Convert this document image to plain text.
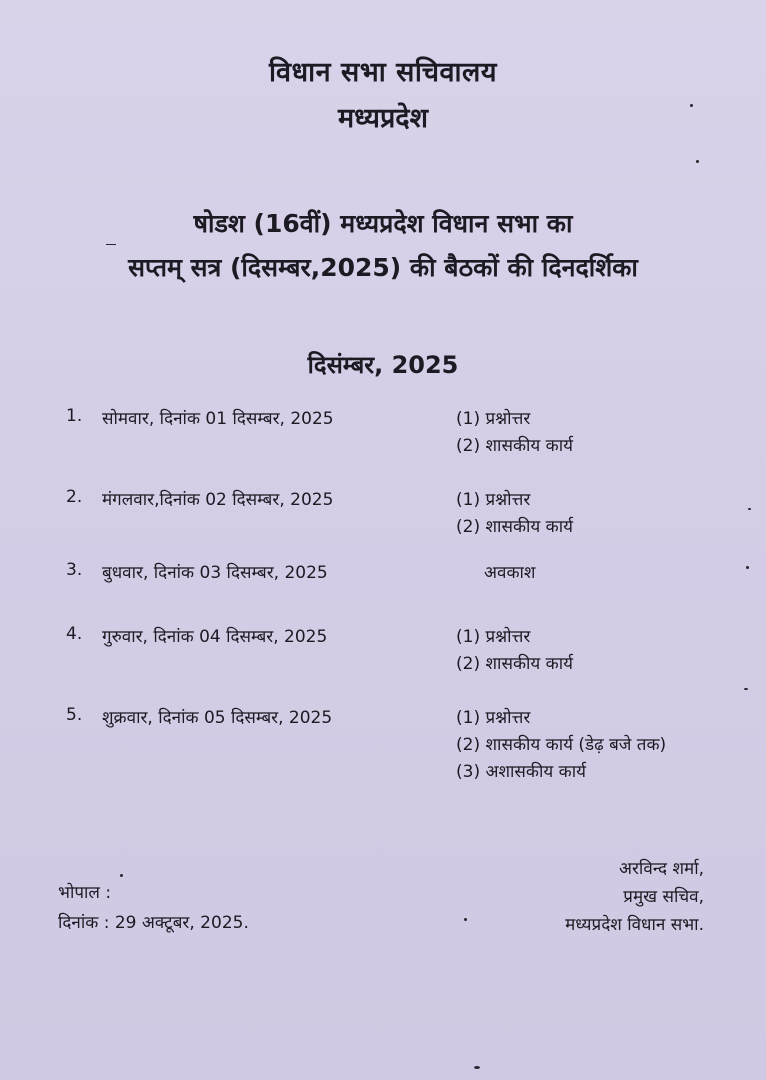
विधान सभा सचिवालय
मध्यप्रदेश
षोडश (16वीं) मध्यप्रदेश विधान सभा का
सप्तम् सत्र (दिसम्बर,2025) की बैठकों की दिनदर्शिका
दिसंम्बर, 2025
1. सोमवार, दिनांक 01 दिसम्बर, 2025	(1) प्रश्नोत्तर
(2) शासकीय कार्य
2. मंगलवार,दिनांक 02 दिसम्बर, 2025	(1) प्रश्नोत्तर
(2) शासकीय कार्य
3. बुधवार, दिनांक 03 दिसम्बर, 2025	अवकाश
4. गुरुवार, दिनांक 04 दिसम्बर, 2025	(1) प्रश्नोत्तर
(2) शासकीय कार्य
5. शुक्रवार, दिनांक 05 दिसम्बर, 2025	(1) प्रश्नोत्तर
(2) शासकीय कार्य (डेढ़ बजे तक)
(3) अशासकीय कार्य
भोपाल :
दिनांक : 29 अक्टूबर, 2025.
अरविन्द शर्मा,
प्रमुख सचिव,
मध्यप्रदेश विधान सभा.
